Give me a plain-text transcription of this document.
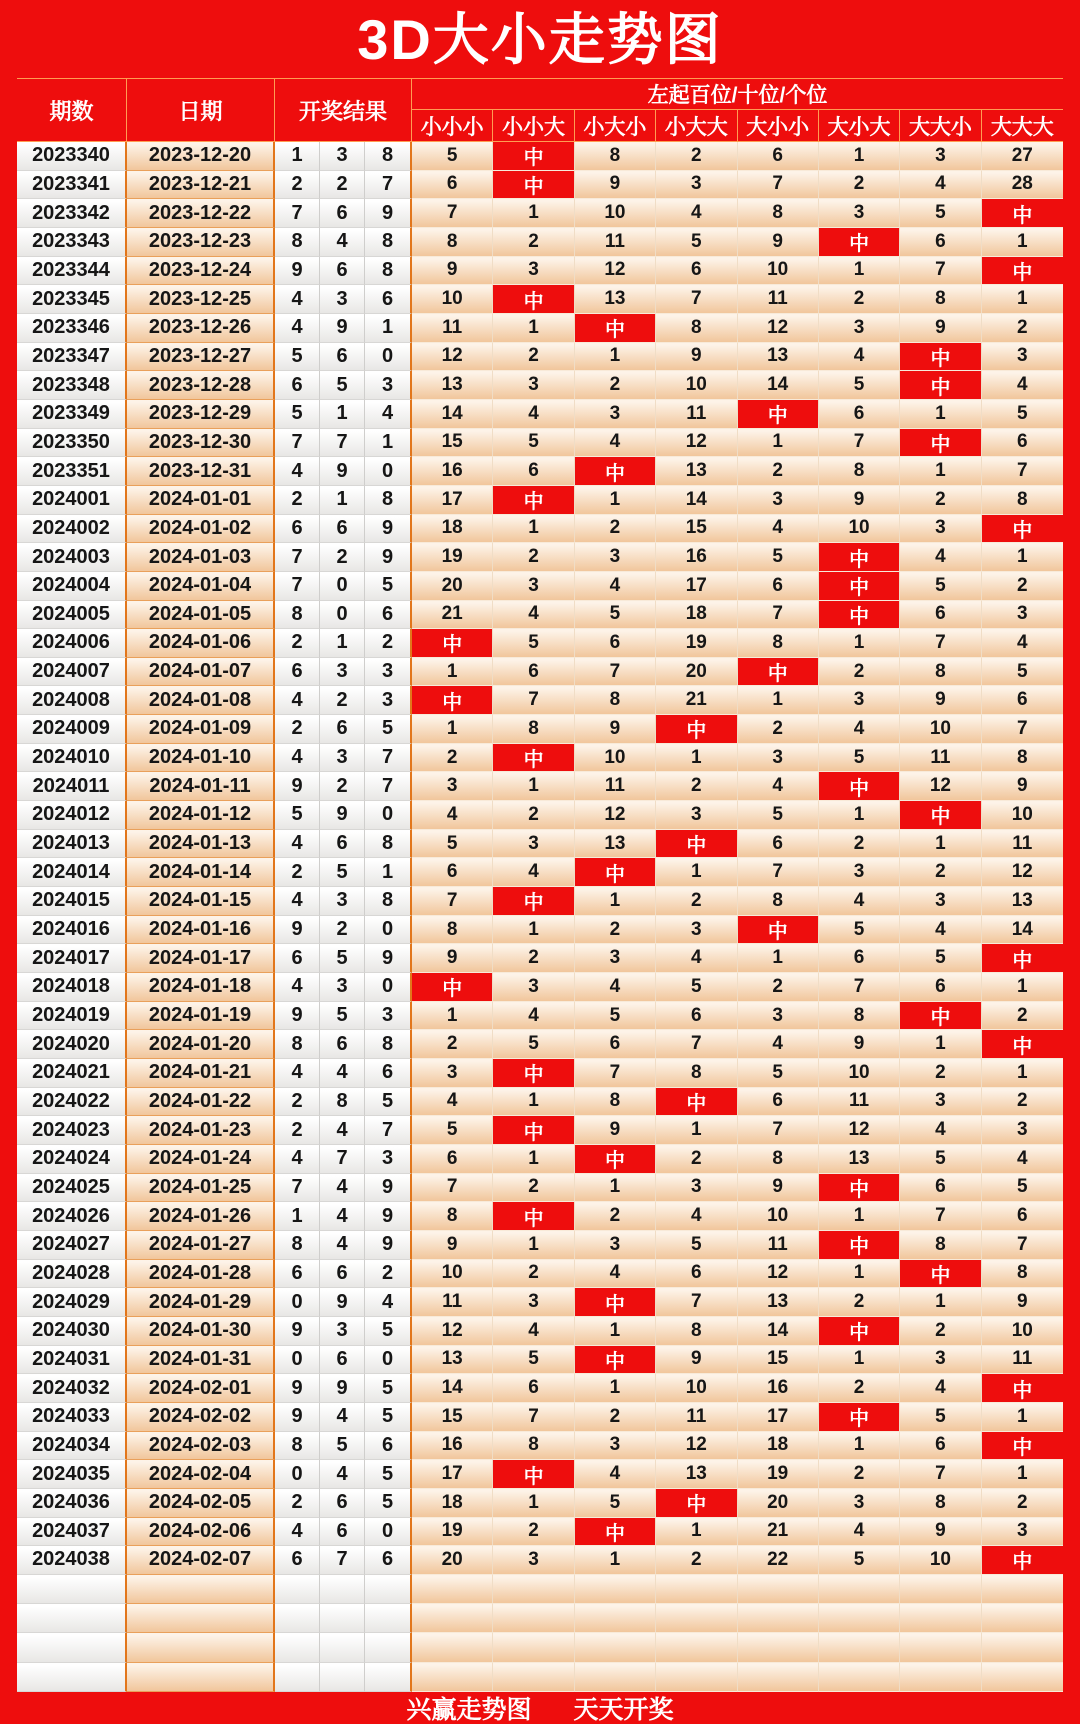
3D大小走势图
期数	日期	开奖结果
左起百位/十位/个位
小小小 小小大 小大小 小大大 大小小 大小大 大大小 大大大
2023340	2023-12-20	1	3	8	5	中	8	2	6	1	3	27
2023341	2023-12-21	2	2	7	6	中	9	3	7	2	4	28
2023342	2023-12-22	7	6	9	7	1	10	4	8	3	5	中
2023343	2023-12-23	8	4	8	8	2	11	5	9	中	6	1
2023344	2023-12-24	9	6	8	9	3	12	6	10	1	7	中
2023345	2023-12-25	4	3	6	10	中	13	7	11	2	8	1
2023346	2023-12-26	4	9	1	11	1	中	8	12	3	9	2
2023347	2023-12-27	5	6	0	12	2	1	9	13	4	中	3
2023348	2023-12-28	6	5	3	13	3	2	10	14	5	中	4
2023349	2023-12-29	5	1	4	14	4	3	11	中	6	1	5
2023350	2023-12-30	7	7	1	15	5	4	12	1	7	中	6
2023351	2023-12-31	4	9	0	16	6	中	13	2	8	1	7
2024001	2024-01-01	2	1	8	17	中	1	14	3	9	2	8
2024002	2024-01-02	6	6	9	18	1	2	15	4	10	3	中
2024003	2024-01-03	7	2	9	19	2	3	16	5	中	4	1
2024004	2024-01-04	7	0	5	20	3	4	17	6	中	5	2
2024005	2024-01-05	8	0	6	21	4	5	18	7	中	6	3
2024006	2024-01-06	2	1	2	中	5	6	19	8	1	7	4
2024007	2024-01-07	6	3	3	1	6	7	20	中	2	8	5
2024008	2024-01-08	4	2	3	中	7	8	21	1	3	9	6
2024009	2024-01-09	2	6	5	1	8	9	中	2	4	10	7
2024010	2024-01-10	4	3	7	2	中	10	1	3	5	11	8
2024011	2024-01-11	9	2	7	3	1	11	2	4	中	12	9
2024012	2024-01-12	5	9	0	4	2	12	3	5	1	中	10
2024013	2024-01-13	4	6	8	5	3	13	中	6	2	1	11
2024014	2024-01-14	2	5	1	6	4	中	1	7	3	2	12
2024015	2024-01-15	4	3	8	7	中	1	2	8	4	3	13
2024016	2024-01-16	9	2	0	8	1	2	3	中	5	4	14
2024017	2024-01-17	6	5	9	9	2	3	4	1	6	5	中
2024018	2024-01-18	4	3	0	中	3	4	5	2	7	6	1
2024019	2024-01-19	9	5	3	1	4	5	6	3	8	中	2
2024020	2024-01-20	8	6	8	2	5	6	7	4	9	1	中
2024021	2024-01-21	4	4	6	3	中	7	8	5	10	2	1
2024022	2024-01-22	2	8	5	4	1	8	中	6	11	3	2
2024023	2024-01-23	2	4	7	5	中	9	1	7	12	4	3
2024024	2024-01-24	4	7	3	6	1	中	2	8	13	5	4
2024025	2024-01-25	7	4	9	7	2	1	3	9	中	6	5
2024026	2024-01-26	1	4	9	8	中	2	4	10	1	7	6
2024027	2024-01-27	8	4	9	9	1	3	5	11	中	8	7
2024028	2024-01-28	6	6	2	10	2	4	6	12	1	中	8
2024029	2024-01-29	0	9	4	11	3	中	7	13	2	1	9
2024030	2024-01-30	9	3	5	12	4	1	8	14	中	2	10
2024031	2024-01-31	0	6	0	13	5	中	9	15	1	3	11
2024032	2024-02-01	9	9	5	14	6	1	10	16	2	4	中
2024033	2024-02-02	9	4	5	15	7	2	11	17	中	5	1
2024034	2024-02-03	8	5	6	16	8	3	12	18	1	6	中
2024035	2024-02-04	0	4	5	17	中	4	13	19	2	7	1
2024036	2024-02-05	2	6	5	18	1	5	中	20	3	8	2
2024037	2024-02-06	4	6	0	19	2	中	1	21	4	9	3
2024038	2024-02-07	6	7	6	20	3	1	2	22	5	10	中
兴赢走势图 天天开奖
